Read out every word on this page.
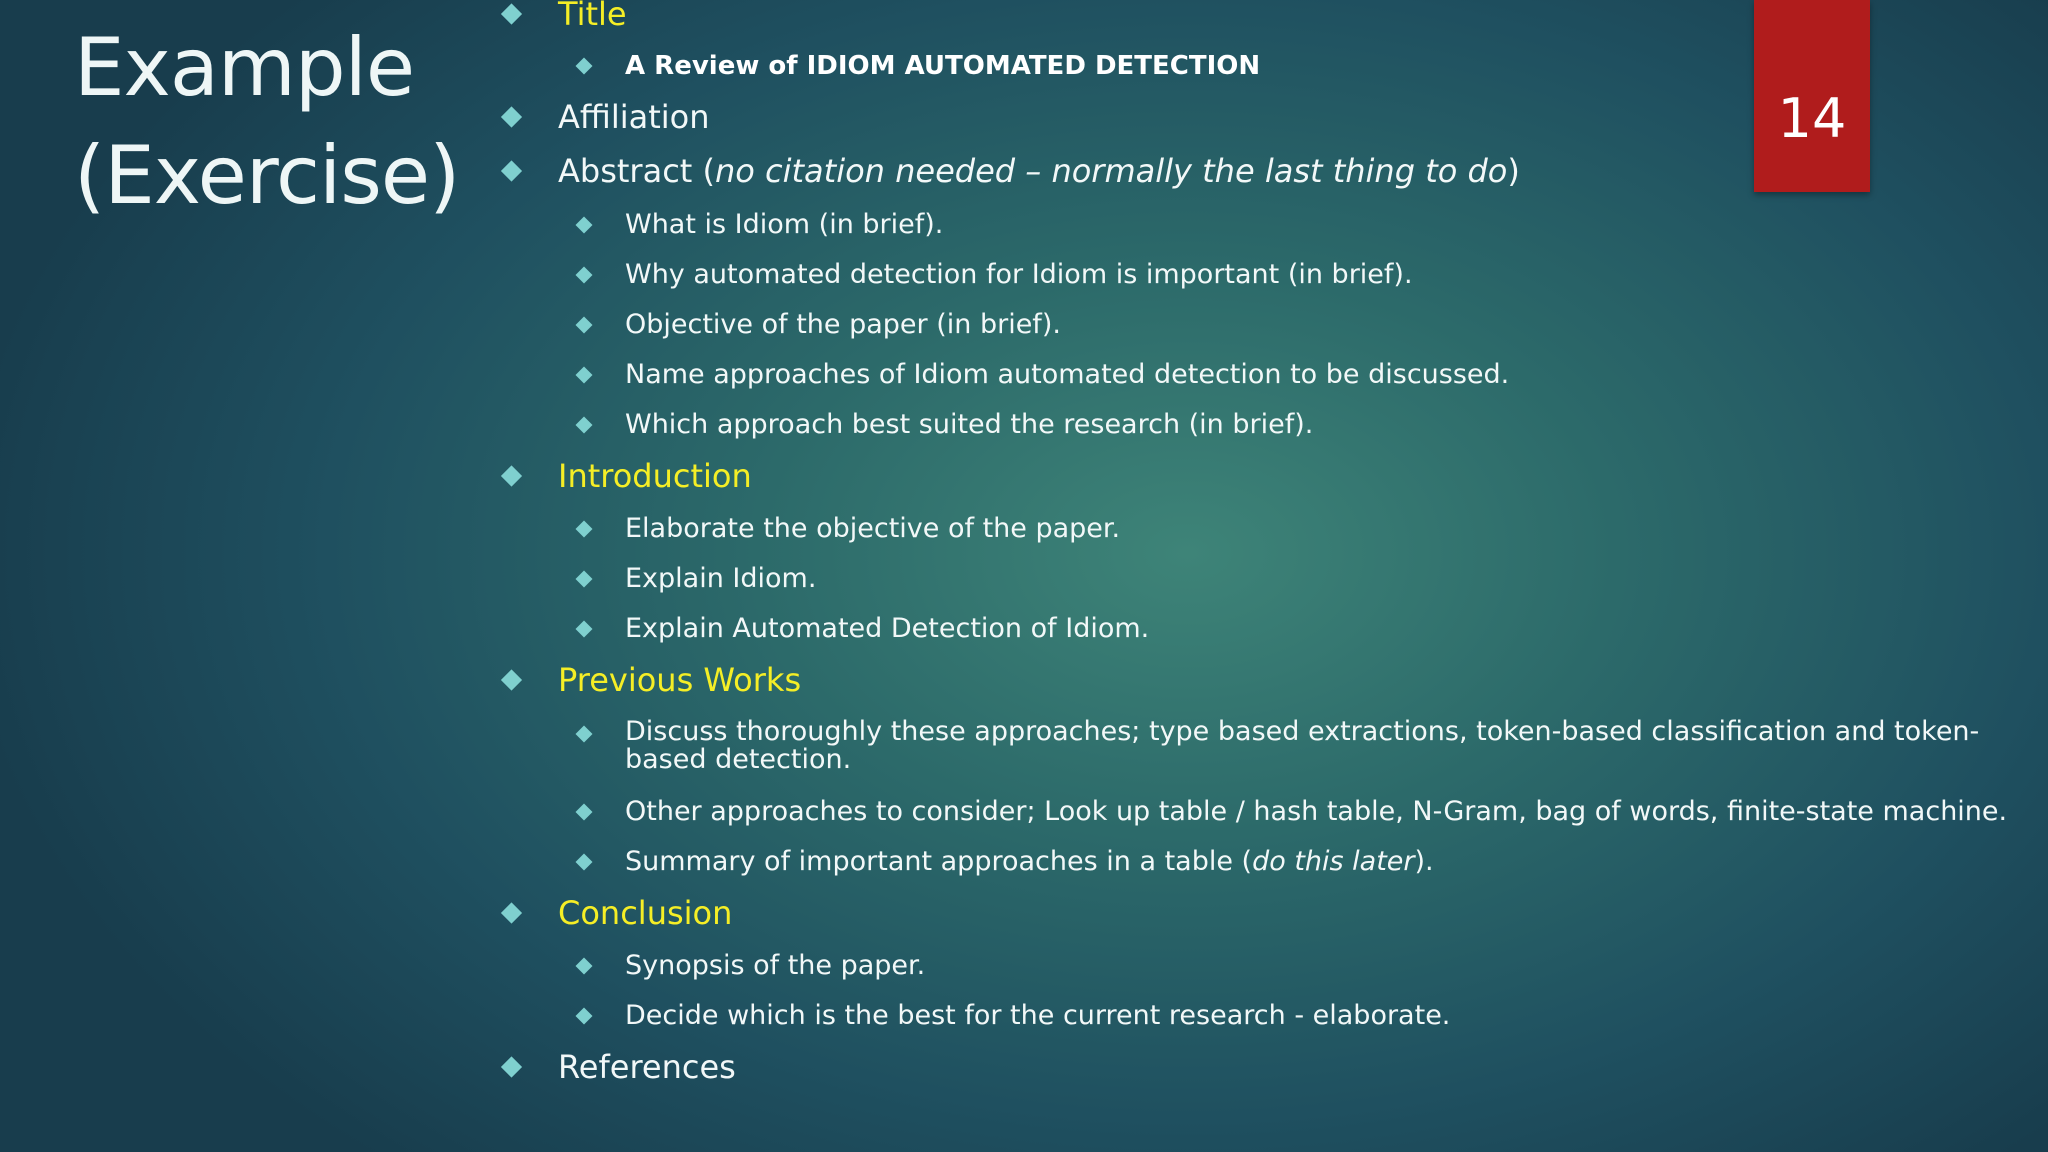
Example
(Exercise)
14
Title
A Review of IDIOM AUTOMATED DETECTION
Affiliation
Abstract (no citation needed – normally the last thing to do)
What is Idiom (in brief).
Why automated detection for Idiom is important (in brief).
Objective of the paper (in brief).
Name approaches of Idiom automated detection to be discussed.
Which approach best suited the research (in brief).
Introduction
Elaborate the objective of the paper.
Explain Idiom.
Explain Automated Detection of Idiom.
Previous Works
Discuss thoroughly these approaches; type based extractions, token-based classification and token-
based detection.
Other approaches to consider; Look up table / hash table, N-Gram, bag of words, finite-state machine.
Summary of important approaches in a table (do this later).
Conclusion
Synopsis of the paper.
Decide which is the best for the current research - elaborate.
References
